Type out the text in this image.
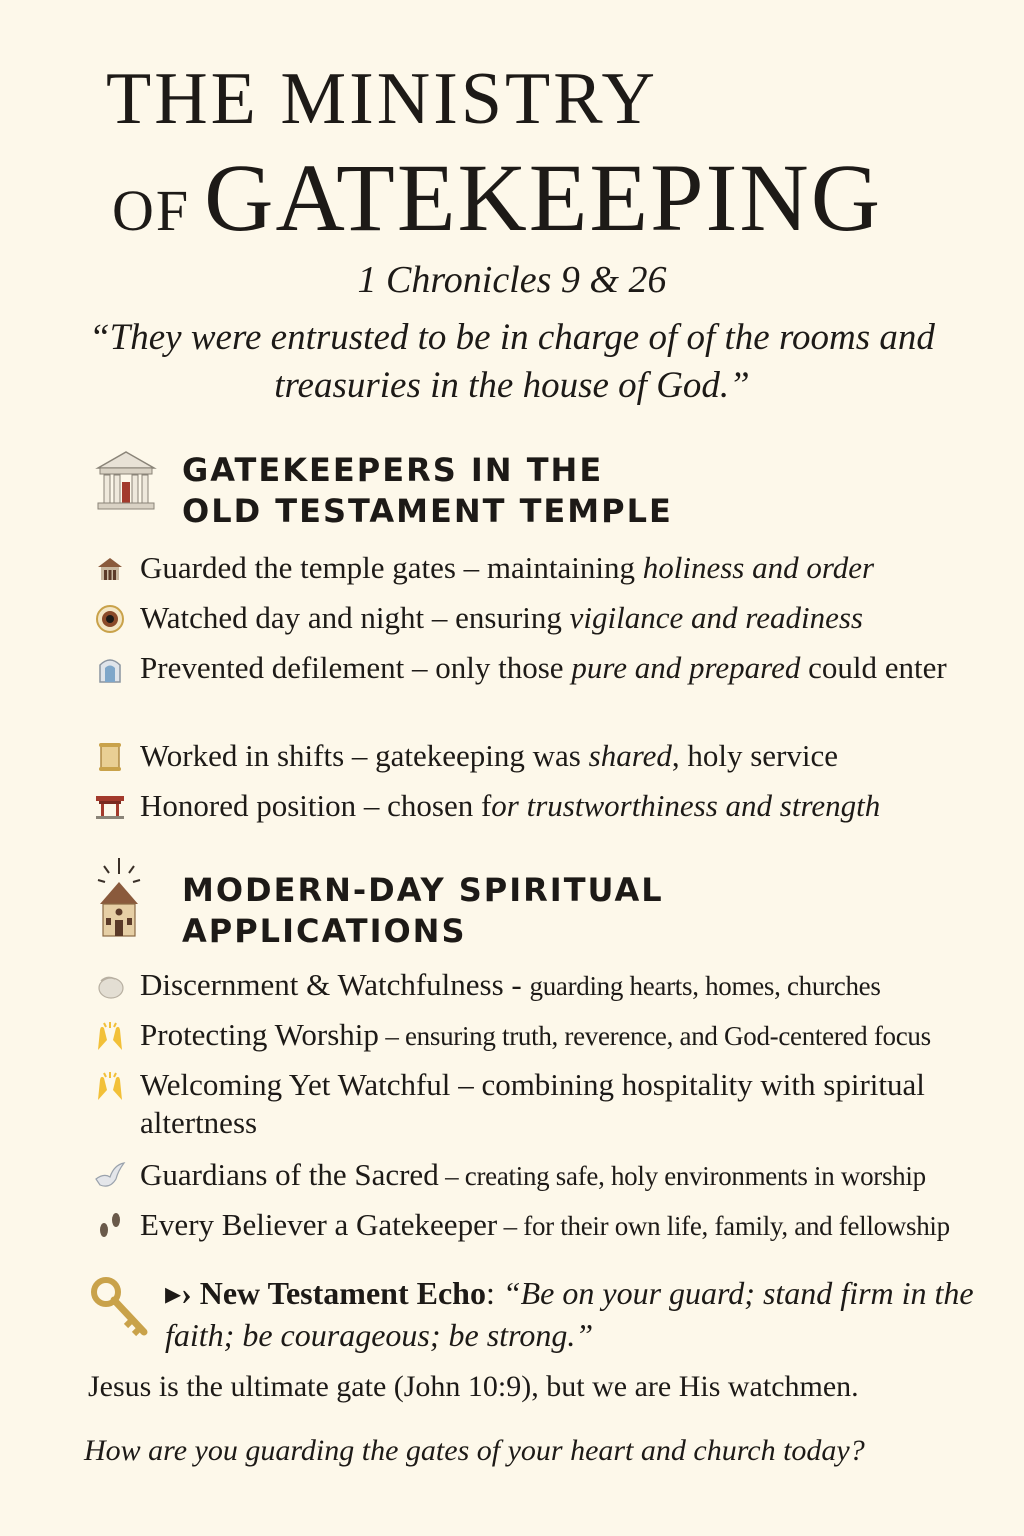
THE MINISTRY
OF GATEKEEPING
1 Chronicles 9 & 26
“They were entrusted to be in charge of of the rooms and treasuries in the house of God.”
GATEKEEPERS IN THE
OLD TESTAMENT TEMPLE
Guarded the temple gates – maintaining holiness and order
Watched day and night – ensuring vigilance and readiness
Prevented defilement – only those pure and prepared could enter
Worked in shifts – gatekeeping was shared, holy service
Honored position – chosen for trustworthiness and strength
MODERN-DAY SPIRITUAL
APPLICATIONS
Discernment & Watchfulness - guarding hearts, homes, churches
Protecting Worship – ensuring truth, reverence, and God-centered focus
Welcoming Yet Watchful – combining hospitality with spiritual altertness
Guardians of the Sacred – creating safe, holy environments in worship
Every Believer a Gatekeeper – for their own life, family, and fellowship
▸› New Testament Echo: “Be on your guard; stand firm in the faith; be courageous; be strong.”
Jesus is the ultimate gate (John 10:9), but we are His watchmen.
How are you guarding the gates of your heart and church today?
